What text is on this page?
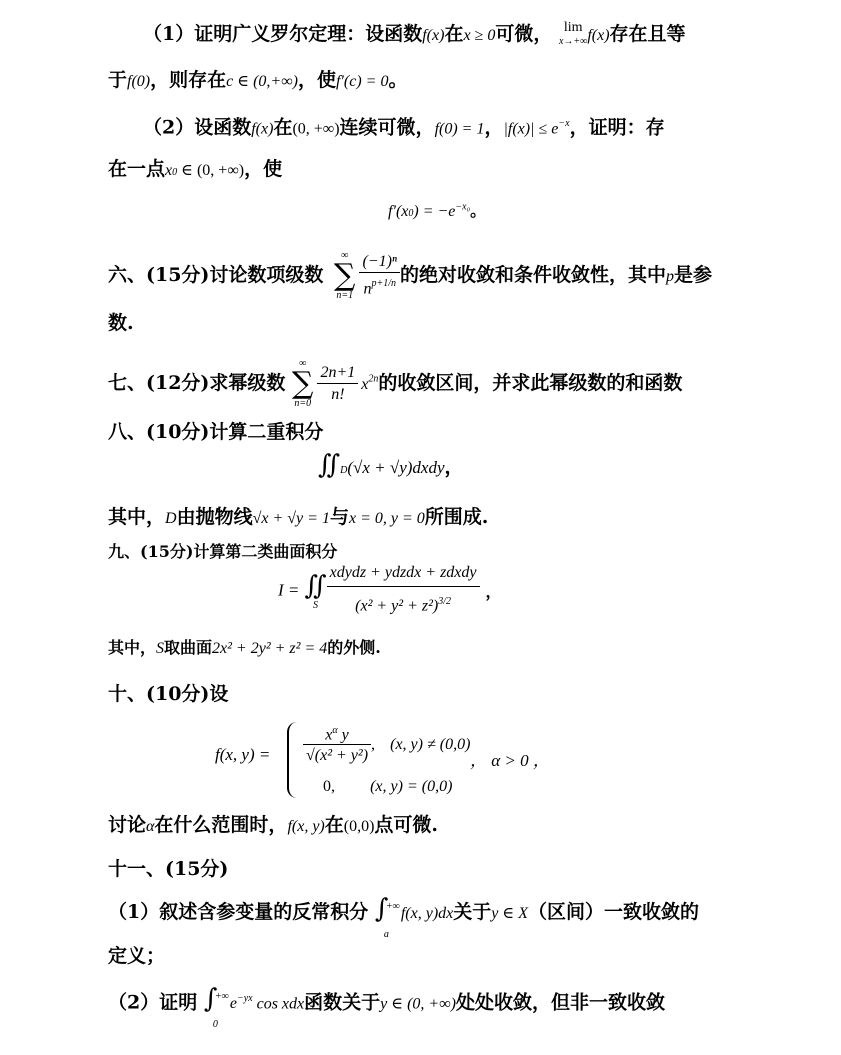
（1）证明广义罗尔定理：设函数f(x)在x ≥ 0可微， lim
x→+∞ f(x)存在且等
于f(0)，则存在c ∈ (0,+∞)，使f′(c) = 0。
（2）设函数f(x)在(0, +∞)连续可微，f(0) = 1，$|f(x)| \le e^{-x}$，证明：存
在一点x0 ∈ (0, +∞)，使
$f'(x0) = -e^{-x_0}$。
六、(15分)讨论数项级数
∞
∑
$n=1 \frac{\text{(−1)ⁿ}}{n^{p+1/n}}$ 的绝对收敛和条件收敛性，其中p是参
数.
七、(12分)求幂级数
∞
∑
$n=0 \frac{2n+1}{n!} x^{2n}$的收敛区间，并求此幂级数的和函数
八、(10分)计算二重积分
∬D(√x + √y)dxdy，
其中，D由抛物线√x + √y = 1与x = 0, y = 0所围成.
九、(15分)计算第二类曲面积分
I = ∬
S $\frac{\text{xdydz + ydzdx + zdxdy}}{(x^2 + y^2 + z^2)^{3/2}}$ ，
其中，S取曲面2x² + 2y² + z² = 4的外侧.
十、(10分)设
f(x, $y) = \frac{x^\alpha y}{\text{√(x² + y²)}}$ , (x, y) ≠ (0,0)
0, (x, y) = (0,0)
， α > 0 ，
讨论α在什么范围时，f(x, y)在(0,0)点可微.
十一、(15分)
（1）叙述含参变量的反常积分 ∫
+∞
a
f(x, y)dx关于y ∈ X（区间）一致收敛的
定义；
（2）证明 ∫
+∞
0
$e^{-yx}$ cos xdx函数关于y ∈ (0, +∞)处处收敛，但非一致收敛
